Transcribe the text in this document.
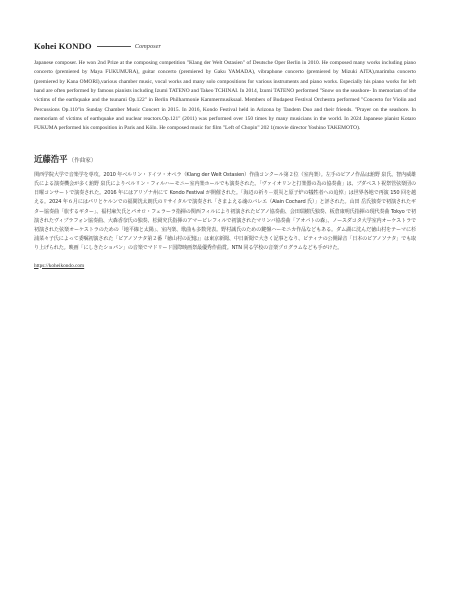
Kohei KONDO	Composer

Japanese composer. He won 2nd Prize at the composing competition "Klang der Welt Ostasien" of Deutsche Oper Berlin in 2010. He composed many works including piano concerto (premiered by Maya FUKUMURA), guitar concerto (premiered by Gaku YAMADA), vibraphone concerto (premiered by Mizuki AITA),marimba concerto (premiered by Kana OMORI),various chamber music, vocal works and many solo compositions for various instruments and piano works. Especially his piano works for left hand are often performed by famous pianists including Izumi TATENO and Takeo TCHINAI. In 2014, Izumi TATENO performed "Snow on the seashore- In memoriam of the victims of the earthquake and the tsunami Op.122" in Berlin Philharmonie Kammermusiksaal. Members of Budapest Festival Orchestra performed "Concerto for Violin and Percussions Op.110"in Sunday Chamber Music Concert in 2015. In 2016, Kondo Festival held in Arizona by Tandem Duo and their friends. "Prayer on the seashore. In memoriam of victims of earthquake and nuclear reactors.Op.121" (2011) was performed over 150 times by many musicians in the world. In 2024 Japanese pianist Kotaro FUKUMA performed his composition in Paris and Köln. He composed music for film "Left of Chopin" 202 1(movie director Yoshino TAKEMOTO).

近藤浩平 （作曲家）

関西学院大学で音楽学を専攻。2010 年ベルリン・ドイツ・オペラ（Klang der Welt Ostasien）作曲コンクール第２位（室内楽）。左手のピアノ作品は舘野 泉氏、智内威雄氏による演奏機会が多く舘野 泉氏によりベルリン・フィルハーモニー室内楽ホールでも演奏された。「ヴァイオリンと打楽器の為の協奏曲」は、ブダペスト祝祭管弦楽団の日曜コンサートで演奏された。2016 年にはアリゾナ州にて Kondo Festival が開催された。「海辺の祈り－震災と原子炉の犠牲者への追悼」は世界各地で再演 150 回を越える。2024 年６月にはパリとケルンでの福間洸太朗氏のリサイタルで演奏され「さまよえる魂のバレエ（Alain Cochard 氏）」と評された。山田 岳氏独奏で初演されたギター協奏曲「旅するギター」、福村麻矢氏とパオロ・フェラーラ指揮の関西フィルにより初演されたピアノ協奏曲、会田瑞樹氏独奏、板倉康明氏指揮の現代奏曲 Tokyo で初演されたヴィブラフォン協奏曲、大森香奈氏の独奏、松岡究氏指揮のアマービレフィルで初演されたマリンバ協奏曲「アオバトの森」、ノースダコタ大学室内オーケストラで初演された弦楽オーケストラのための「地平線と太陽」、室内楽、歌曲も多数発表。野村誠氏のための鍵盤ハーモニカ作品などもある。ダム湖に沈んだ徳山村をテーマに杉浦菜々子氏によって委嘱初演された「ピアノソナタ第２番『徳山村の記憶』」は東京新聞、中日新聞で大きく記事となり、ピティナの公開録音「日本のピアノソナタ」でも取り上げられた。映画「にしきたショパン」の音楽でマドリード国際映画祭最優秀作曲賞。NTN 同る学校の音楽プログラムなども手がけた。

https://koheikondo.com
